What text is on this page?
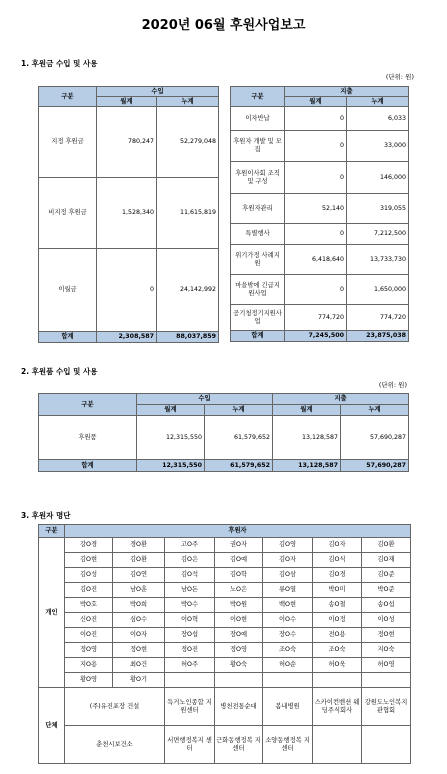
2020년 06월 후원사업보고
1. 후원금 수입 및 사용
(단위: 원)
구분	수입	
	월계	누계
지정 후원금	780,247	52,279,048
비지정 후원금	1,528,340	11,615,819
이월금	0	24,142,992
합계	2,308,587	88,037,859
구분	지출	
	월계	누계
이자반납	0	6,033
후원자 개발 및 모집	0	33,000
후원이사회 조직 및 구성	0	146,000
후원자관리	52,140	319,055
특별행사	0	7,212,500
위기가정 사례지원	6,418,640	13,733,730
마을밖에 긴급지원사업	0	1,650,000
공기청정기지원사업	774,720	774,720
합계	7,245,500	23,875,038
2. 후원품 수입 및 사용
(단위: 원)
구분	수입		지출	
	월계	누계	월계	누계
후원품	12,315,550	61,579,652	13,128,587	57,690,287
합계	12,315,550	61,579,652	13,128,587	57,690,287
3. 후원자 명단
구분	후원자						
개인	강O경	경O환	고O주	권O자	김O영	김O자	김O환
	김O현	김O환	김O은	김O예	김O자	김O식	김O재
	김O성	김O연	김O석	김O학	김O삼	김O경	김O준
	김O진	남O훈	남O돈	노O은	류O열	박O미	박O준
	박O호	박O희	박O수	박O원	백O현	송O철	송O섭
	신O진	심O수	이O혁	이O현	이O수	이O정	이O성
	이O진	이O자	장O섭	장O예	장O수	전O용	정O현
	정O영	정O현	정O진	정O영	조O숙	조O숙	지O숙
	지O용	최O건	허O주	황O숙	허O순	허O욱	허O영
	황O영	황O기					
단체	(주)유진포장 건설		득거노인종합 지원센터	병천전통순대	봄내병원	스카이컨벤션 웨딩주식회사	강원도노인복지 관협회
	춘천시보건소		서면행정복지 센터	근화동행정복 지센터	소양동행정복 지센터		
